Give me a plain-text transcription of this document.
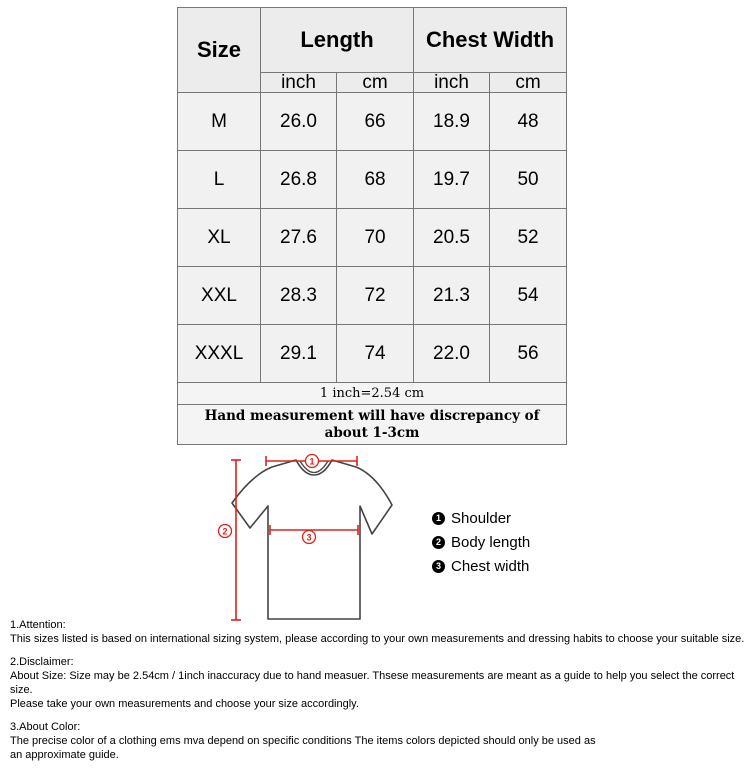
Size	Length		Chest Width	
	inch	cm	inch	cm
M	26.0	66	18.9	48
L	26.8	68	19.7	50
XL	27.6	70	20.5	52
XXL	28.3	72	21.3	54
XXXL	29.1	74	22.0	56
1 inch=2.54 cm				
Hand measurement will have discrepancy of about 1-3cm				
1
2
3
1 Shoulder
2 Body length
3 Chest width

1.Attention:

This sizes listed is based on international sizing system, please according to your own measurements and dressing habits to choose your suitable size.

2.Disclaimer:

About Size: Size may be 2.54cm / 1inch inaccuracy due to hand measuer. Thsese measurements are meant as a guide to help you select the correct size.

Please take your own measurements and choose your size accordingly.

3.About Color:

The precise color of a clothing ems mva depend on specific conditions The items colors depicted should only be used as

an approximate guide.
